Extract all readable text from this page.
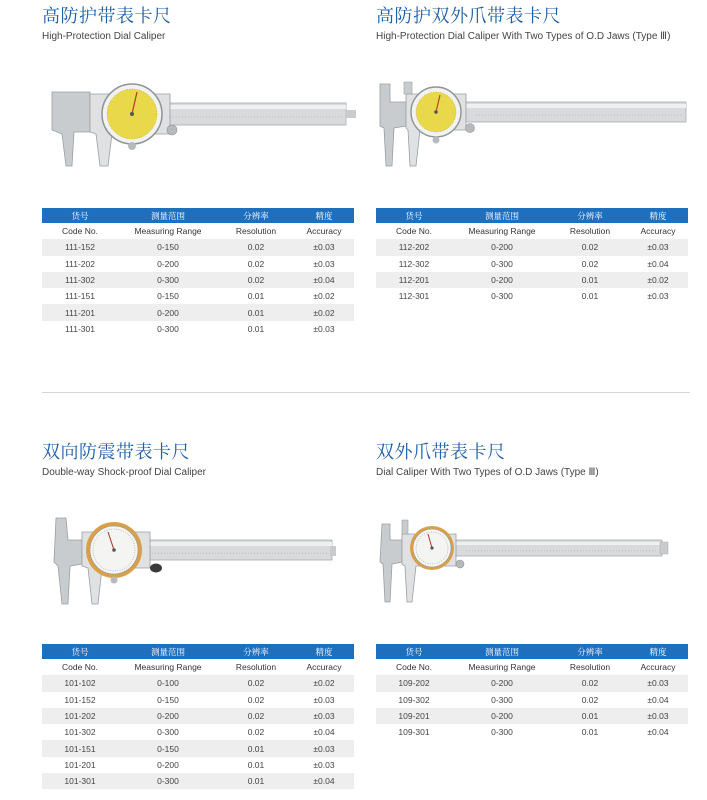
高防护带表卡尺
High-Protection Dial Caliper
货号	测量范围	分辨率	精度
Code No.	Measuring Range	Resolution	Accuracy
111-152	0-150	0.02	±0.03
111-202	0-200	0.02	±0.03
111-302	0-300	0.02	±0.04
111-151	0-150	0.01	±0.02
111-201	0-200	0.01	±0.02
111-301	0-300	0.01	±0.03
高防护双外爪带表卡尺
High-Protection Dial Caliper With Two Types of O.D Jaws (Type Ⅲ)
货号	测量范围	分辨率	精度
Code No.	Measuring Range	Resolution	Accuracy
112-202	0-200	0.02	±0.03
112-302	0-300	0.02	±0.04
112-201	0-200	0.01	±0.02
112-301	0-300	0.01	±0.03
双向防震带表卡尺
Double-way Shock-proof Dial Caliper
货号	测量范围	分辨率	精度
Code No.	Measuring Range	Resolution	Accuracy
101-102	0-100	0.02	±0.02
101-152	0-150	0.02	±0.03
101-202	0-200	0.02	±0.03
101-302	0-300	0.02	±0.04
101-151	0-150	0.01	±0.03
101-201	0-200	0.01	±0.03
101-301	0-300	0.01	±0.04
双外爪带表卡尺
Dial Caliper With Two Types of O.D Jaws (Type Ⅲ)
货号	测量范围	分辨率	精度
Code No.	Measuring Range	Resolution	Accuracy
109-202	0-200	0.02	±0.03
109-302	0-300	0.02	±0.04
109-201	0-200	0.01	±0.03
109-301	0-300	0.01	±0.04
